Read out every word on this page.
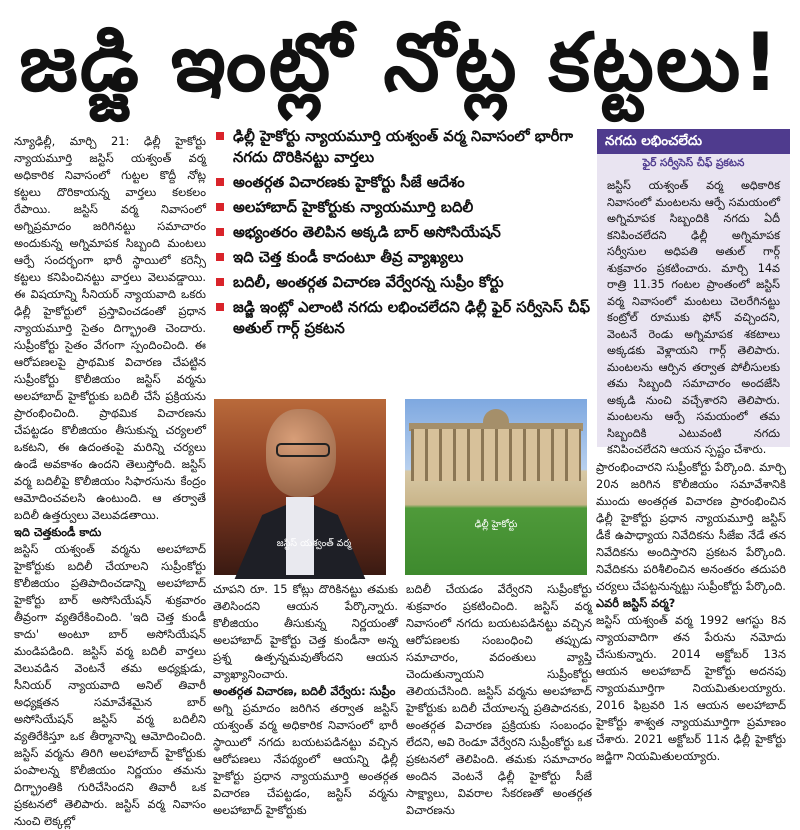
జడ్జి ఇంట్లో నోట్ల కట్టలు!

న్యూఢిల్లీ, మార్చి 21: ఢిల్లీ హైకోర్టు న్యాయమూర్తి జస్టిస్ యశ్వంత్ వర్మ అధికారిక నివాసంలో గుట్టల కొద్దీ నోట్ల కట్టలు దొరికాయన్న వార్తలు కలకలం రేపాయి. జస్టిస్ వర్మ నివాసంలో అగ్నిప్రమాదం జరిగినట్టు సమాచారం అందుకున్న అగ్నిమాపక సిబ్బంది మంటలు ఆర్పే సందర్భంగా భారీ స్థాయిలో కరెన్సీ కట్టలు కనిపించినట్టు వార్తలు వెలువడ్డాయి. ఈ విషయాన్ని సీనియర్ న్యాయవాది ఒకరు ఢిల్లీ హైకోర్టులో ప్రస్తావించడంతో ప్రధాన న్యాయమూర్తి సైతం దిగ్భ్రాంతి చెందారు. సుప్రీంకోర్టు సైతం వేగంగా స్పందించింది. ఈ ఆరోపణలపై ప్రాథమిక విచారణ చేపట్టిన సుప్రీంకోర్టు కొలీజియం జస్టిస్ వర్మను అలహాబాద్ హైకోర్టుకు బదిలీ చేసే ప్రక్రియను ప్రారంభించింది. ప్రాథమిక విచారణను చేపట్టడం కొలీజియం తీసుకున్న చర్యలలో ఒకటని, ఈ ఉదంతంపై మరిన్ని చర్యలు ఉండే అవకాశం ఉందని తెలుస్తోంది. జస్టిస్ వర్మ బదిలీపై కొలీజియం సిఫారసును కేంద్రం ఆమోదించవలసి ఉంటుంది. ఆ తర్వాతే బదిలీ ఉత్తర్వులు వెలువడతాయి.

ఇది చెత్తకుండీ కాదు

జస్టిస్ యశ్వంత్ వర్మను అలహాబాద్ హైకోర్టుకు బదిలీ చేయాలని సుప్రీంకోర్టు కొలీజియం ప్రతిపాదించడాన్ని అలహాబాద్ హైకోర్టు బార్ అసోసియేషన్ శుక్రవారం తీవ్రంగా వ్యతిరేకించింది. 'ఇది చెత్త కుండీ కాదు' అంటూ బార్ అసోసియేషన్ మండిపడింది. జస్టిస్ వర్మ బదిలీ వార్తలు వెలువడిన వెంటనే తమ అధ్యక్షుడు, సీనియర్ న్యాయవాది అనిల్ తివారీ అధ్యక్షతన సమావేశమైన బార్ అసోసియేషన్ జస్టిస్ వర్మ బదిలీని వ్యతిరేకిస్తూ ఒక తీర్మానాన్ని ఆమోదించింది. జస్టిస్ వర్మను తిరిగి అలహాబాద్ హైకోర్టుకు పంపాలన్న కొలీజియం నిర్ణయం తమను దిగ్భ్రాంతికి గురిచేసిందని తివారీ ఒక ప్రకటనలో తెలిపారు. జస్టిస్ వర్మ నివాసం నుంచి లెక్కల్లో

ఢిల్లీ హైకోర్టు న్యాయమూర్తి యశ్వంత్ వర్మ నివాసంలో భారీగా నగదు దొరికినట్టు వార్తలు
అంతర్గత విచారణకు హైకోర్టు సీజే ఆదేశం
అలహాబాద్ హైకోర్టుకు న్యాయమూర్తి బదిలీ
అభ్యంతరం తెలిపిన అక్కడి బార్ అసోసియేషన్
ఇది చెత్త కుండీ కాదంటూ తీవ్ర వ్యాఖ్యలు
బదిలీ, అంతర్గత విచారణ వేర్వేరన్న సుప్రీం కోర్టు
జడ్జి ఇంట్లో ఎలాంటి నగదు లభించలేదని ఢిల్లీ ఫైర్ సర్వీసెస్ చీఫ్ అతుల్ గార్గ్ ప్రకటన
జస్టిస్ యశ్వంత్ వర్మ
ఢిల్లీ హైకోర్టు
నగదు లభించలేదు
ఫైర్ సర్వీసెస్ చీఫ్ ప్రకటన
జస్టిస్ యశ్వంత్ వర్మ అధికారిక నివాసంలో మంటలను ఆర్పే సమయంలో అగ్నిమాపక సిబ్బందికి నగదు ఏదీ కనిపించలేదని ఢిల్లీ అగ్నిమాపక సర్వీసుల అధిపతి అతుల్ గార్గ్ శుక్రవారం ప్రకటించారు. మార్చి 14వ రాత్రి 11.35 గంటల ప్రాంతంలో జస్టిస్ వర్మ నివాసంలో మంటలు చెలరేగినట్టు కంట్రోల్ రూముకు ఫోన్ వచ్చిందని, వెంటనే రెండు అగ్నిమాపక శకటాలు అక్కడకు వెళ్లాయని గార్గ్ తెలిపారు. మంటలను ఆర్పిన తర్వాత పోలీసులకు తమ సిబ్బంది సమాచారం అందజేసి అక్కడి నుంచి వచ్చేశారని తెలిపారు. మంటలను ఆర్పే సమయంలో తమ సిబ్బందికి ఎటువంటి నగదు కనిపించలేదని ఆయన స్పష్టం చేశారు.

చూపని రూ. 15 కోట్లు దొరికినట్టు తమకు తెలిసిందని ఆయన పేర్కొన్నారు. కొలీజియం తీసుకున్న నిర్ణయంతో అలహాబాద్ హైకోర్టు చెత్త కుండీనా అన్న ప్రశ్న ఉత్పన్నమవుతోందని ఆయన వ్యాఖ్యానించారు.

అంతర్గత విచారణ, బదిలీ వేర్వేరు: సుప్రీం

అగ్ని ప్రమాదం జరిగిన తర్వాత జస్టిస్ యశ్వంత్ వర్మ అధికారిక నివాసంలో భారీ స్థాయిలో నగదు బయటపడినట్టు వచ్చిన ఆరోపణలు నేపథ్యంలో ఆయన్ని ఢిల్లీ హైకోర్టు ప్రధాన న్యాయమూర్తి అంతర్గత విచారణ చేపట్టడం, జస్టిస్ వర్మను అలహాబాద్ హైకోర్టుకు

బదిలీ చేయడం వేర్వేరని సుప్రీంకోర్టు శుక్రవారం ప్రకటించింది. జస్టిస్ వర్మ నివాసంలో నగదు బయటపడినట్టు వచ్చిన ఆరోపణలకు సంబంధించి తప్పుడు సమాచారం, వదంతులు వ్యాప్తి చెందుతున్నాయని సుప్రీంకోర్టు తెలియచేసింది. జస్టిస్ వర్మను అలహాబాద్ హైకోర్టుకు బదిలీ చేయాలన్న ప్రతిపాదనకు, అంతర్గత విచారణ ప్రక్రియకు సంబంధం లేదని, అవి రెండూ వేర్వేరని సుప్రీంకోర్టు ఒక ప్రకటనలో తెలిపింది. తమకు సమాచారం అందిన వెంటనే ఢిల్లీ హైకోర్టు సీజే సాక్ష్యాలు, వివరాల సేకరణతో అంతర్గత విచారణను

ప్రారంభించారని సుప్రీంకోర్టు పేర్కొంది. మార్చి 20న జరిగిన కొలీజియం సమావేశానికి ముందు అంతర్గత విచారణ ప్రారంభించిన ఢిల్లీ హైకోర్టు ప్రధాన న్యాయమూర్తి జస్టిస్ డీకే ఉపాధ్యాయ నివేదికను సీజేఐ నేడే తన నివేదికను అందిస్తారని ప్రకటన పేర్కొంది. నివేదికను పరిశీలించిన అనంతరం తదుపరి చర్యలు చేపట్టనున్నట్టు సుప్రీంకోర్టు పేర్కొంది.

ఎవరీ జస్టిస్ వర్మ?

జస్టిస్ యశ్వంత్ వర్మ 1992 ఆగస్టు 8న న్యాయవాదిగా తన పేరును నమోదు చేసుకున్నారు. 2014 అక్టోబర్ 13న ఆయన అలహాబాద్ హైకోర్టు అదనపు న్యాయమూర్తిగా నియమితులయ్యారు. 2016 ఫిబ్రవరి 1న ఆయన అలహాబాద్ హైకోర్టు శాశ్వత న్యాయమూర్తిగా ప్రమాణం చేశారు. 2021 అక్టోబర్ 11న ఢిల్లీ హైకోర్టు జడ్జిగా నియమితులయ్యారు.
